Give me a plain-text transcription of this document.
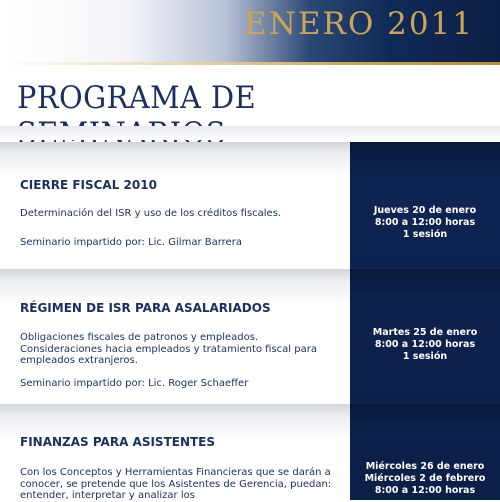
ENERO 2011
PROGRAMA DE
CIERRE FISCAL 2010
Determinación del ISR y uso de los créditos fiscales.
Seminario impartido por: Lic. Gilmar Barrera
Jueves 20 de enero
8:00 a 12:00 horas
1 sesión
RÉGIMEN DE ISR PARA ASALARIADOS
Obligaciones fiscales de patronos y empleados. Consideraciones hacia empleados y tratamiento fiscal para empleados extranjeros.
Seminario impartido por: Lic. Roger Schaeffer
Martes 25 de enero
8:00 a 12:00 horas
1 sesión
FINANZAS PARA ASISTENTES
Con los Conceptos y Herramientas Financieras que se darán a conocer, se pretende que los Asistentes de Gerencia, puedan: entender, interpretar y analizar los
Miércoles 26 de enero
Miércoles 2 de febrero
8:00 a 12:00 horas
